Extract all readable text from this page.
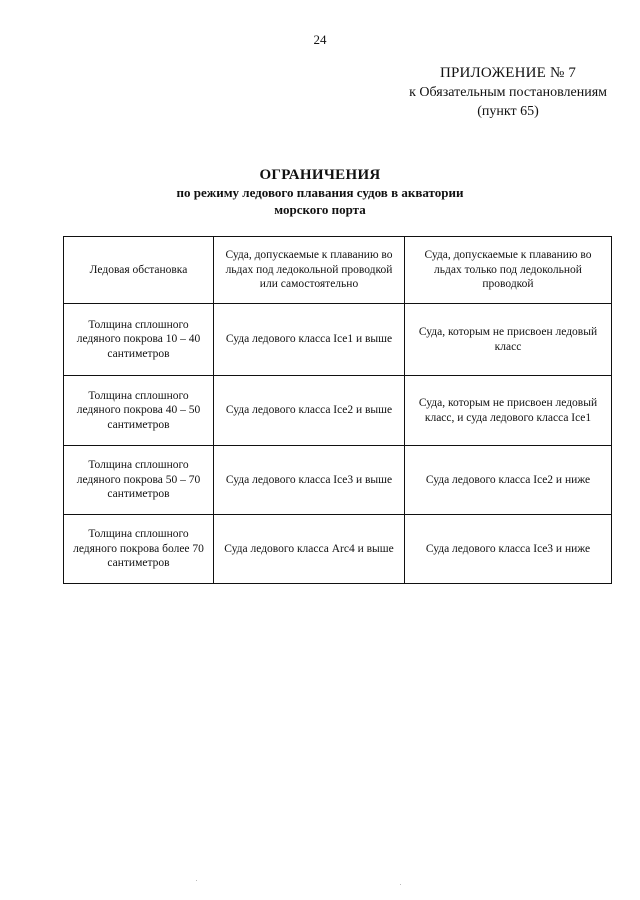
24
ПРИЛОЖЕНИЕ № 7
к Обязательным постановлениям
(пункт 65)
ОГРАНИЧЕНИЯ
по режиму ледового плавания судов в акватории
морского порта
Ледовая обстановка	Суда, допускаемые к плаванию во льдах под ледокольной проводкой или самостоятельно	Суда, допускаемые к плаванию во льдах только под ледокольной проводкой
Толщина сплошного ледяного покрова 10 – 40 сантиметров	Суда ледового класса Ice1 и выше	Суда, которым не присвоен ледовый класс
Толщина сплошного ледяного покрова 40 – 50 сантиметров	Суда ледового класса Ice2 и выше	Суда, которым не присвоен ледовый класс, и суда ледового класса Ice1
Толщина сплошного ледяного покрова 50 – 70 сантиметров	Суда ледового класса Ice3 и выше	Суда ледового класса Ice2 и ниже
Толщина сплошного ледяного покрова более 70 сантиметров	Суда ледового класса Arc4 и выше	Суда ледового класса Ice3 и ниже
